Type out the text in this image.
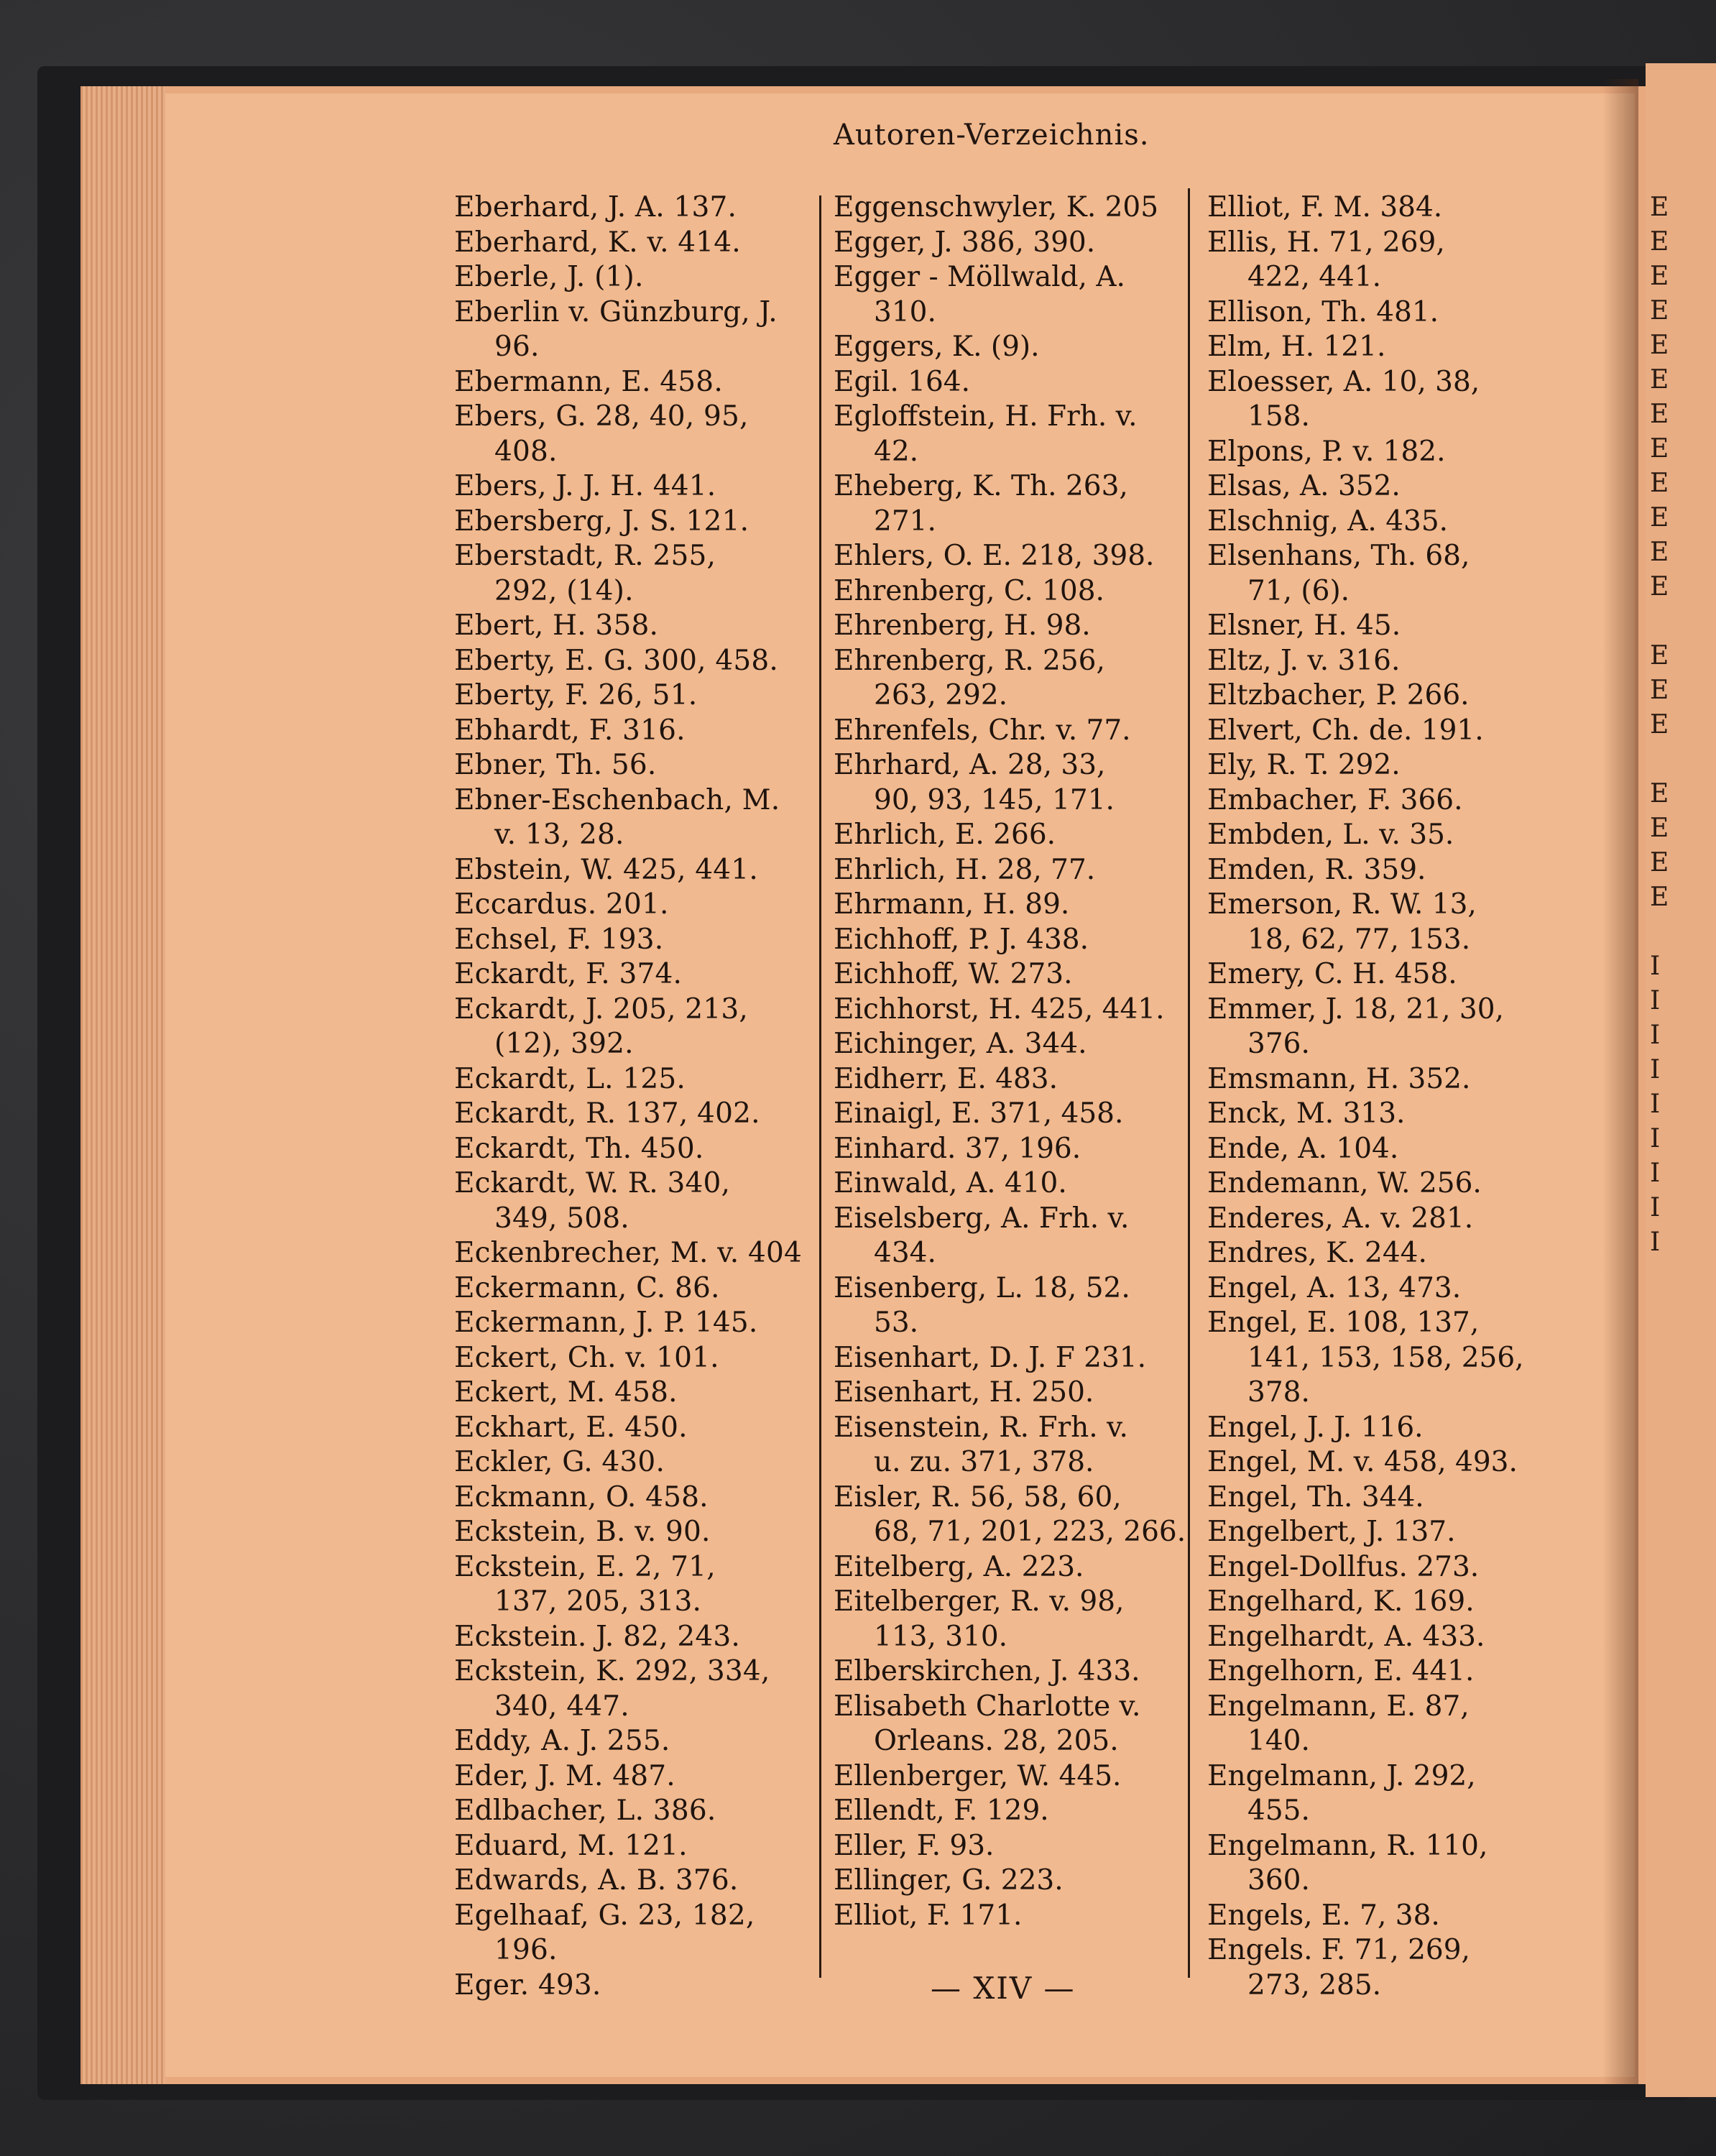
E
E
E
E
E
E
E
E
E
E
E
E
E
E
E
E
E
E
E
I
I
I
I
I
I
I
I
I
Autoren-Verzeichnis.
Eberhard, J. A. 137.
Eberhard, K. v. 414.
Eberle, J. (1).
Eberlin v. Günzburg, J.
96.
Ebermann, E. 458.
Ebers, G. 28, 40, 95,
408.
Ebers, J. J. H. 441.
Ebersberg, J. S. 121.
Eberstadt, R. 255,
292, (14).
Ebert, H. 358.
Eberty, E. G. 300, 458.
Eberty, F. 26, 51.
Ebhardt, F. 316.
Ebner, Th. 56.
Ebner-Eschenbach, M.
v. 13, 28.
Ebstein, W. 425, 441.
Eccardus. 201.
Echsel, F. 193.
Eckardt, F. 374.
Eckardt, J. 205, 213,
(12), 392.
Eckardt, L. 125.
Eckardt, R. 137, 402.
Eckardt, Th. 450.
Eckardt, W. R. 340,
349, 508.
Eckenbrecher, M. v. 404
Eckermann, C. 86.
Eckermann, J. P. 145.
Eckert, Ch. v. 101.
Eckert, M. 458.
Eckhart, E. 450.
Eckler, G. 430.
Eckmann, O. 458.
Eckstein, B. v. 90.
Eckstein, E. 2, 71,
137, 205, 313.
Eckstein. J. 82, 243.
Eckstein, K. 292, 334,
340, 447.
Eddy, A. J. 255.
Eder, J. M. 487.
Edlbacher, L. 386.
Eduard, M. 121.
Edwards, A. B. 376.
Egelhaaf, G. 23, 182,
196.
Eger. 493.
Eggenschwyler, K. 205
Egger, J. 386, 390.
Egger - Möllwald, A.
310.
Eggers, K. (9).
Egil. 164.
Egloffstein, H. Frh. v.
42.
Eheberg, K. Th. 263,
271.
Ehlers, O. E. 218, 398.
Ehrenberg, C. 108.
Ehrenberg, H. 98.
Ehrenberg, R. 256,
263, 292.
Ehrenfels, Chr. v. 77.
Ehrhard, A. 28, 33,
90, 93, 145, 171.
Ehrlich, E. 266.
Ehrlich, H. 28, 77.
Ehrmann, H. 89.
Eichhoff, P. J. 438.
Eichhoff, W. 273.
Eichhorst, H. 425, 441.
Eichinger, A. 344.
Eidherr, E. 483.
Einaigl, E. 371, 458.
Einhard. 37, 196.
Einwald, A. 410.
Eiselsberg, A. Frh. v.
434.
Eisenberg, L. 18, 52.
53.
Eisenhart, D. J. F 231.
Eisenhart, H. 250.
Eisenstein, R. Frh. v.
u. zu. 371, 378.
Eisler, R. 56, 58, 60,
68, 71, 201, 223, 266.
Eitelberg, A. 223.
Eitelberger, R. v. 98,
113, 310.
Elberskirchen, J. 433.
Elisabeth Charlotte v.
Orleans. 28, 205.
Ellenberger, W. 445.
Ellendt, F. 129.
Eller, F. 93.
Ellinger, G. 223.
Elliot, F. 171.
Elliot, F. M. 384.
Ellis, H. 71, 269,
422, 441.
Ellison, Th. 481.
Elm, H. 121.
Eloesser, A. 10, 38,
158.
Elpons, P. v. 182.
Elsas, A. 352.
Elschnig, A. 435.
Elsenhans, Th. 68,
71, (6).
Elsner, H. 45.
Eltz, J. v. 316.
Eltzbacher, P. 266.
Elvert, Ch. de. 191.
Ely, R. T. 292.
Embacher, F. 366.
Embden, L. v. 35.
Emden, R. 359.
Emerson, R. W. 13,
18, 62, 77, 153.
Emery, C. H. 458.
Emmer, J. 18, 21, 30,
376.
Emsmann, H. 352.
Enck, M. 313.
Ende, A. 104.
Endemann, W. 256.
Enderes, A. v. 281.
Endres, K. 244.
Engel, A. 13, 473.
Engel, E. 108, 137,
141, 153, 158, 256,
378.
Engel, J. J. 116.
Engel, M. v. 458, 493.
Engel, Th. 344.
Engelbert, J. 137.
Engel-Dollfus. 273.
Engelhard, K. 169.
Engelhardt, A. 433.
Engelhorn, E. 441.
Engelmann, E. 87,
140.
Engelmann, J. 292,
455.
Engelmann, R. 110,
360.
Engels, E. 7, 38.
Engels. F. 71, 269,
273, 285.
— XIV —
